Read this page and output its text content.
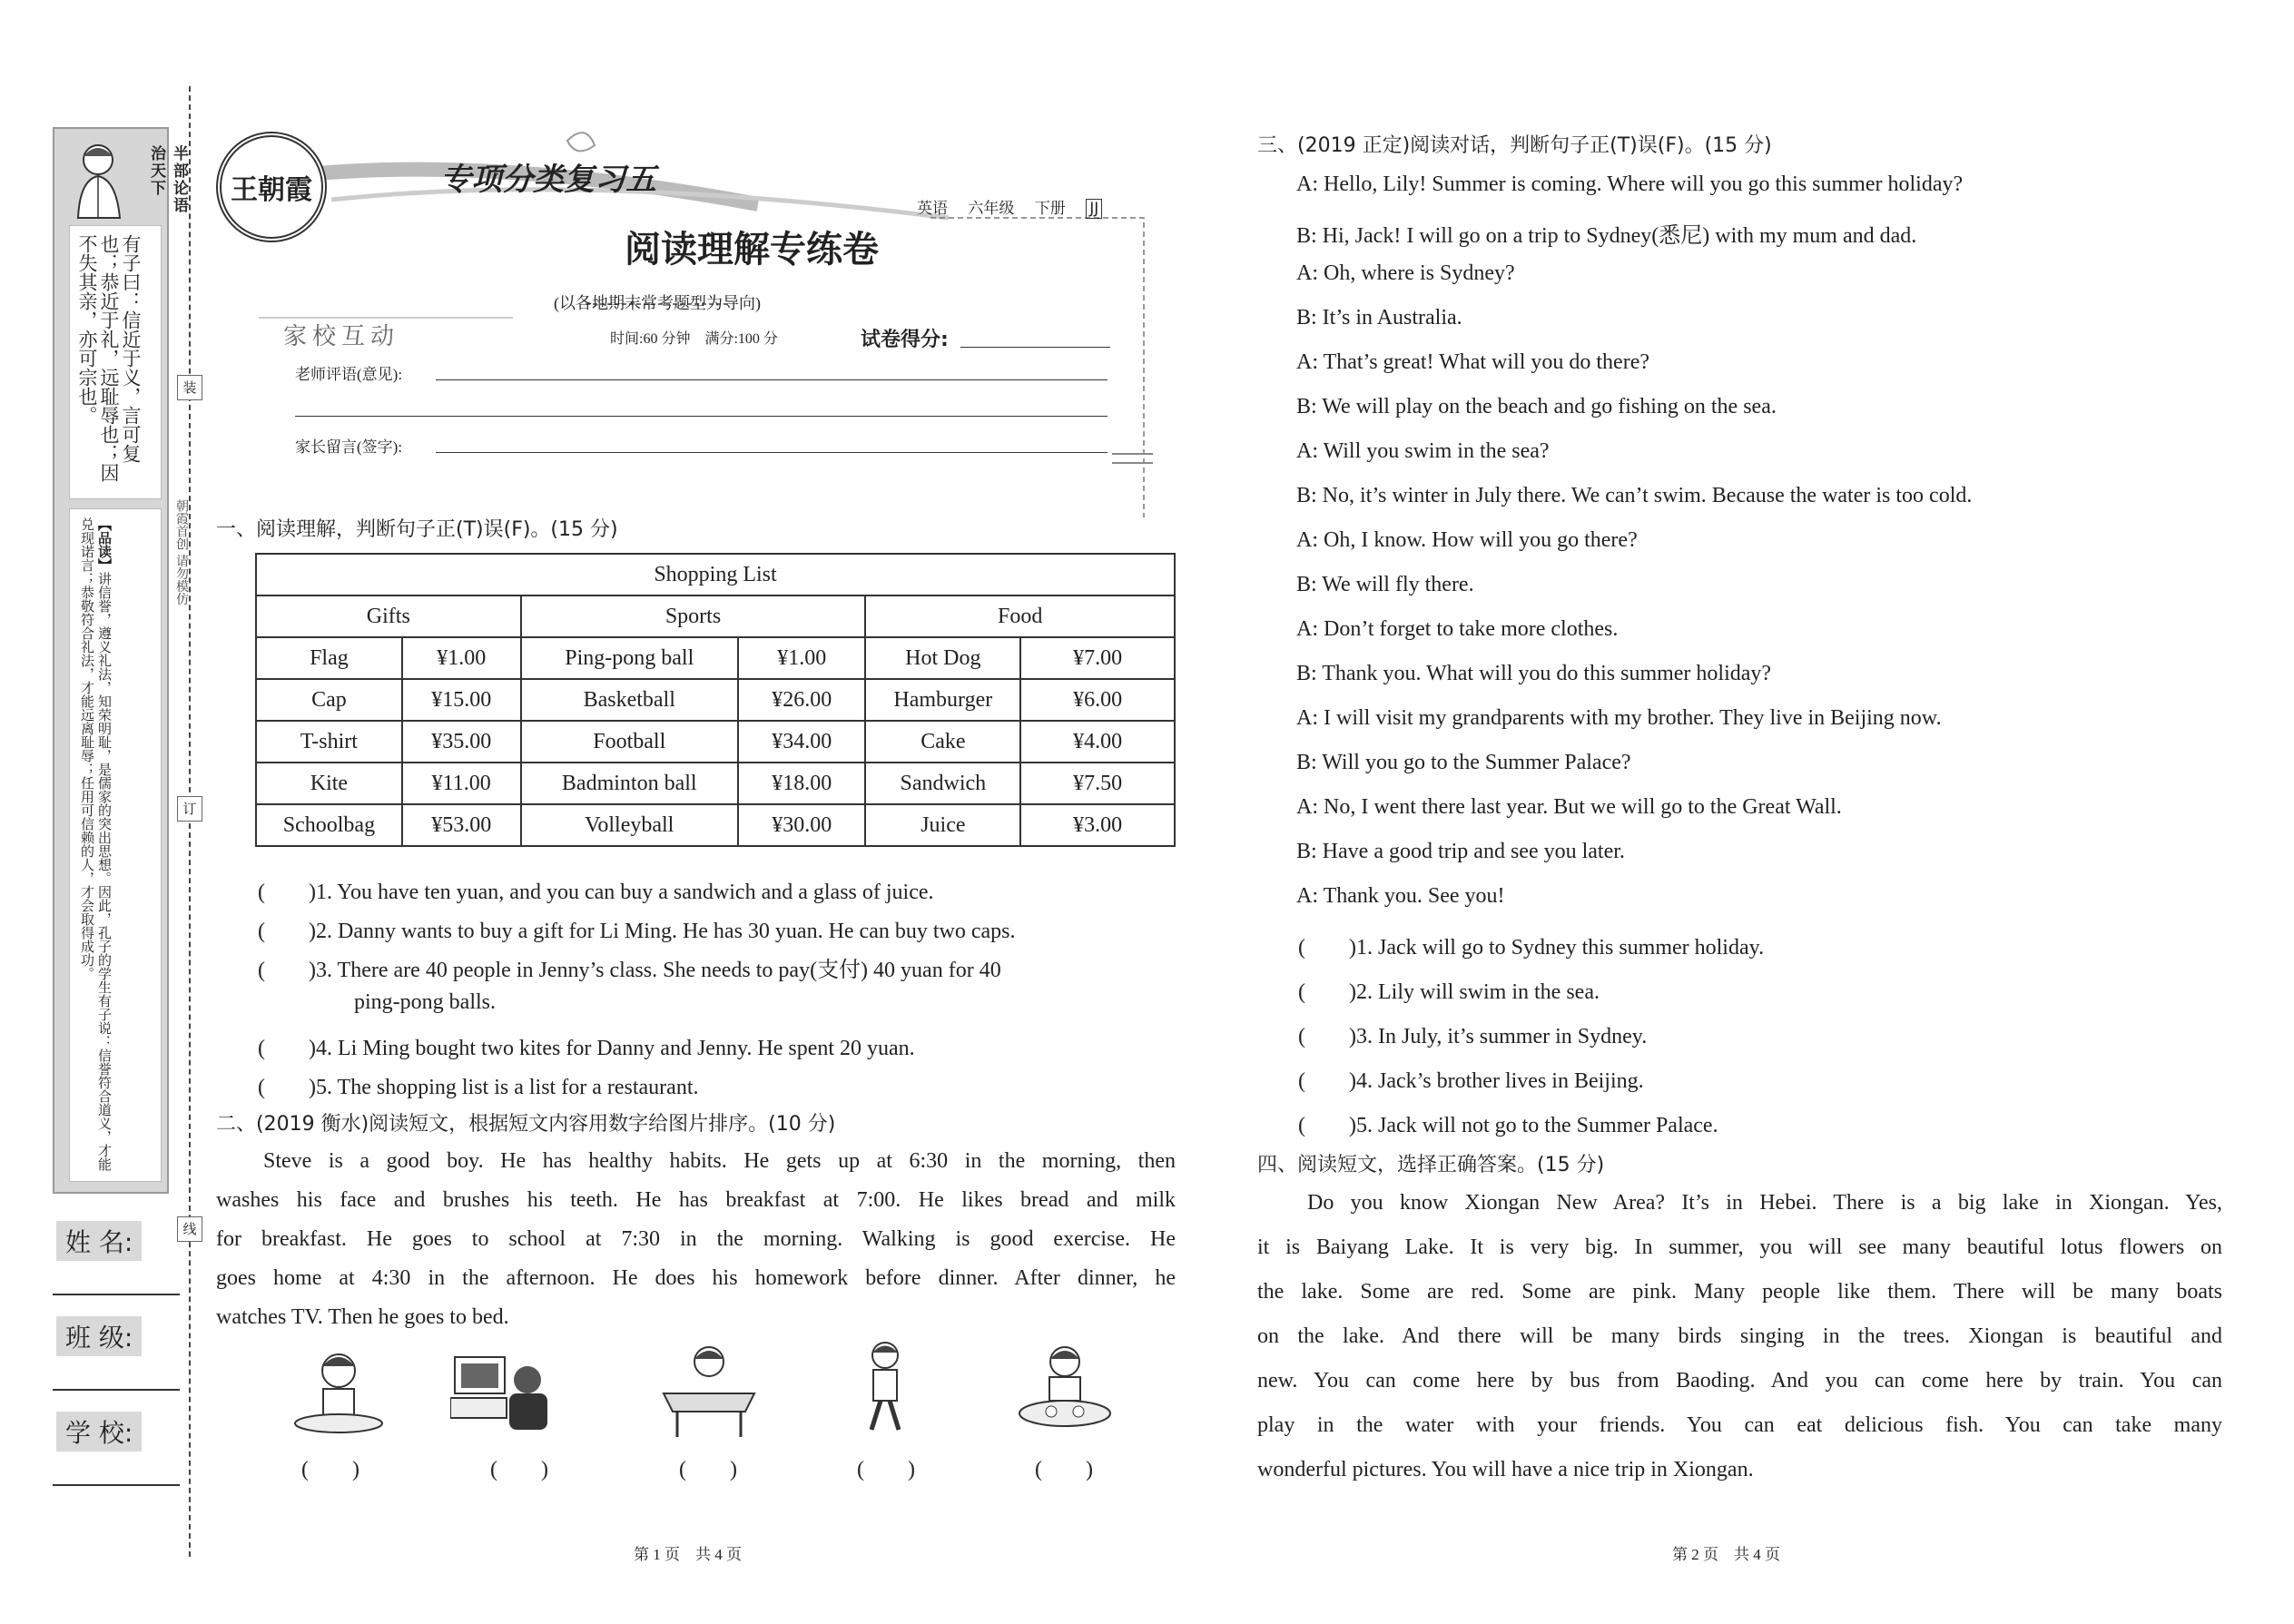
半部论语治天下
有子曰：信近于义，言可复也；恭近于礼，远耻辱也；因不失其亲，亦可宗也。
【品读】讲信誉，遵义礼法，知荣明耻，是儒家的突出思想。因此，孔子的学生有子说：信誉符合道义，才能兑现诺言；恭敬符合礼法，才能远离耻辱；任用可信赖的人，才会取得成功。	朝霞首创 请勿模仿
装
订
线
姓 名:
班 级:
学 校:
王朝霞	专项分类复习五
英语　 六年级　 下册　 JJ
阅读理解专练卷
(以各地期末常考题型为导向)
家校互动	时间:60 分钟　满分:100 分	试卷得分:
老师评语(意见):
家长留言(签字):
一、阅读理解，判断句子正(T)误(F)。(15 分)
Shopping List					
Gifts		Sports		Food	
Flag	¥1.00	Ping-pong ball	¥1.00	Hot Dog	¥7.00
Cap	¥15.00	Basketball	¥26.00	Hamburger	¥6.00
T-shirt	¥35.00	Football	¥34.00	Cake	¥4.00
Kite	¥11.00	Badminton ball	¥18.00	Sandwich	¥7.50
Schoolbag	¥53.00	Volleyball	¥30.00	Juice	¥3.00
(　　)1. You have ten yuan, and you can buy a sandwich and a glass of juice.
(　　)2. Danny wants to buy a gift for Li Ming. He has 30 yuan. He can buy two caps.
(　　)3. There are 40 people in Jenny’s class. She needs to pay(支付) 40 yuan for 40
ping-pong balls.
(　　)4. Li Ming bought two kites for Danny and Jenny. He spent 20 yuan.
(　　)5. The shopping list is a list for a restaurant.
二、(2019 衡水)阅读短文，根据短文内容用数字给图片排序。(10 分)
Steve is a good boy. He has healthy habits. He gets up at 6:30 in the morning, then
washes his face and brushes his teeth. He has breakfast at 7:00. He likes bread and milk
for breakfast. He goes to school at 7:30 in the morning. Walking is good exercise. He
goes home at 4:30 in the afternoon. He does his homework before dinner. After dinner, he
watches TV. Then he goes to bed.
(　　)	(　　)	(　　)	(　　)	(　　)
第 1 页　共 4 页
三、(2019 正定)阅读对话，判断句子正(T)误(F)。(15 分)
A: Hello, Lily! Summer is coming. Where will you go this summer holiday?
B: Hi, Jack! I will go on a trip to Sydney(悉尼) with my mum and dad.
A: Oh, where is Sydney?
B: It’s in Australia.
A: That’s great! What will you do there?
B: We will play on the beach and go fishing on the sea.
A: Will you swim in the sea?
B: No, it’s winter in July there. We can’t swim. Because the water is too cold.
A: Oh, I know. How will you go there?
B: We will fly there.
A: Don’t forget to take more clothes.
B: Thank you. What will you do this summer holiday?
A: I will visit my grandparents with my brother. They live in Beijing now.
B: Will you go to the Summer Palace?
A: No, I went there last year. But we will go to the Great Wall.
B: Have a good trip and see you later.
A: Thank you. See you!
(　　)1. Jack will go to Sydney this summer holiday.
(　　)2. Lily will swim in the sea.
(　　)3. In July, it’s summer in Sydney.
(　　)4. Jack’s brother lives in Beijing.
(　　)5. Jack will not go to the Summer Palace.
四、阅读短文，选择正确答案。(15 分)
Do you know Xiongan New Area? It’s in Hebei. There is a big lake in Xiongan. Yes,
it is Baiyang Lake. It is very big. In summer, you will see many beautiful lotus flowers on
the lake. Some are red. Some are pink. Many people like them. There will be many boats
on the lake. And there will be many birds singing in the trees. Xiongan is beautiful and
new. You can come here by bus from Baoding. And you can come here by train. You can
play in the water with your friends. You can eat delicious fish. You can take many
wonderful pictures. You will have a nice trip in Xiongan.
第 2 页　共 4 页
